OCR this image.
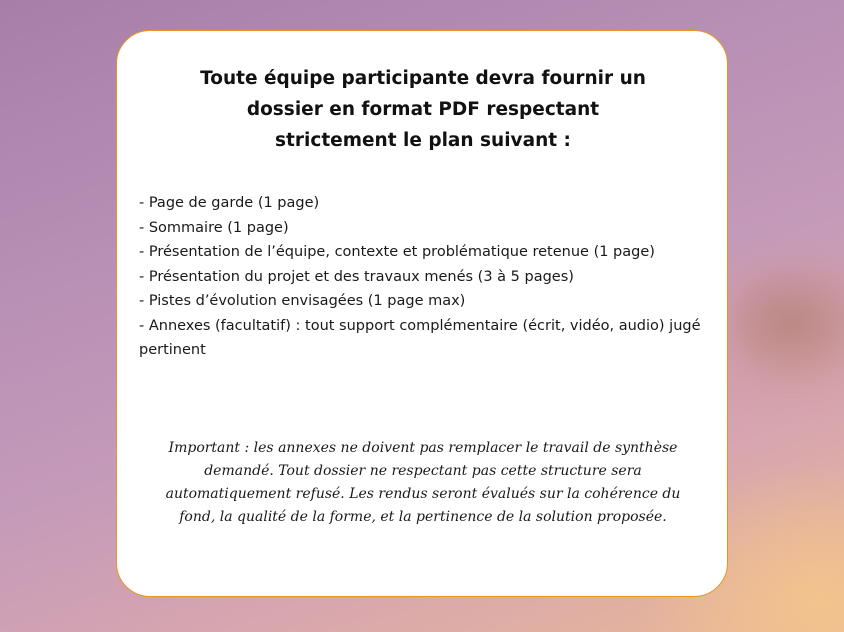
Toute équipe participante devra fournir un
dossier en format PDF respectant
strictement le plan suivant :
- Page de garde (1 page)
- Sommaire (1 page)
- Présentation de l’équipe, contexte et problématique retenue (1 page)
- Présentation du projet et des travaux menés (3 à 5 pages)
- Pistes d’évolution envisagées (1 page max)
- Annexes (facultatif) : tout support complémentaire (écrit, vidéo, audio) jugé pertinent

Important : les annexes ne doivent pas remplacer le travail de synthèse demandé. Tout dossier ne respectant pas cette structure sera automatiquement refusé. Les rendus seront évalués sur la cohérence du fond, la qualité de la forme, et la pertinence de la solution proposée.
